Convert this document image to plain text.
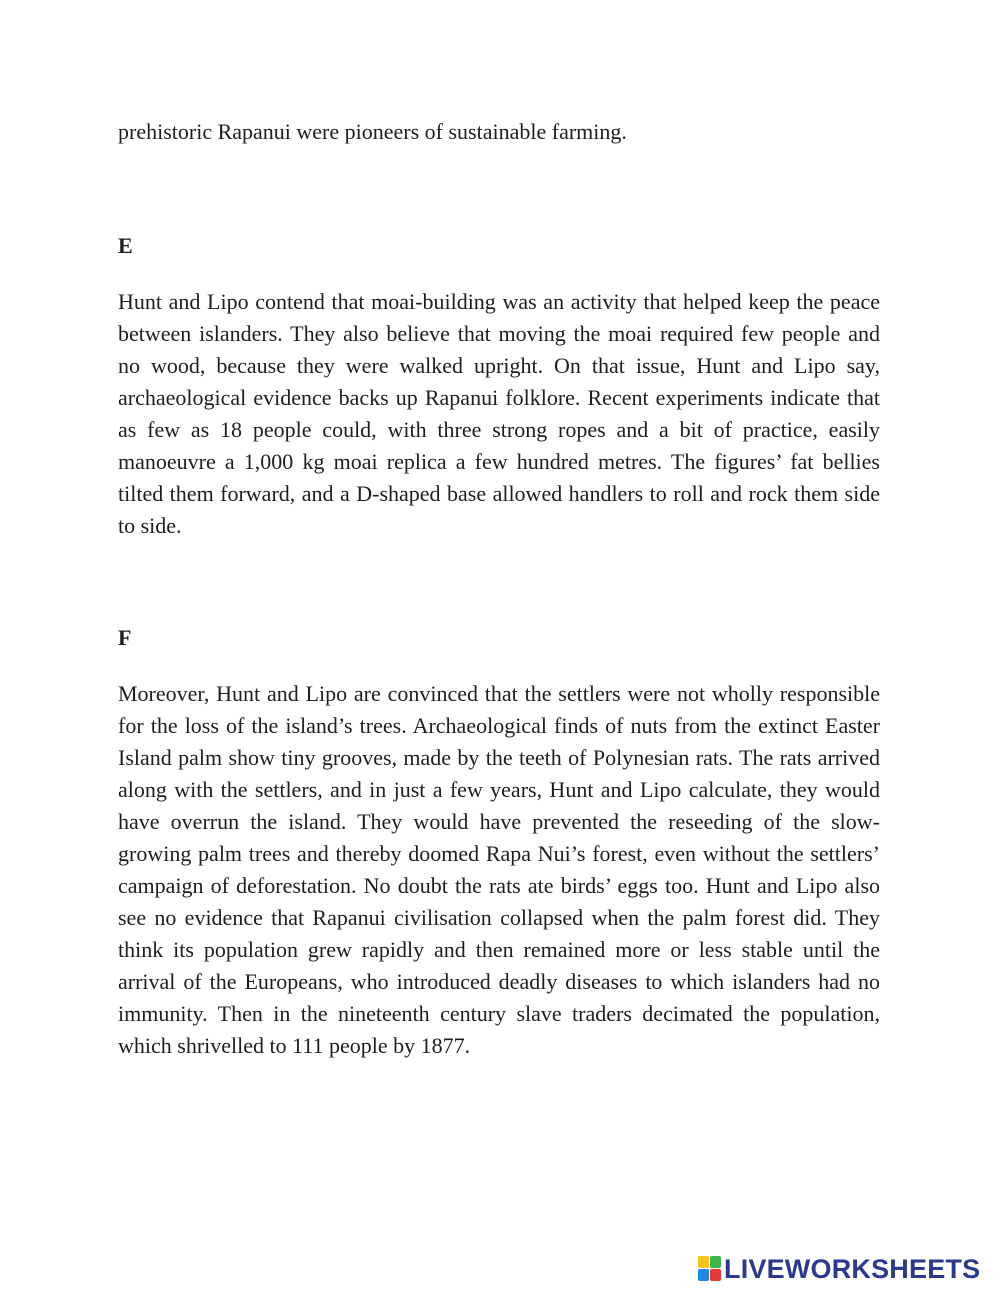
prehistoric Rapanui were pioneers of sustainable farming.

E

Hunt and Lipo contend that moai-building was an activity that helped keep the peace between islanders. They also believe that moving the moai required few people and no wood, because they were walked upright. On that issue, Hunt and Lipo say, archaeological evidence backs up Rapanui folklore. Recent experiments indicate that as few as 18 people could, with three strong ropes and a bit of practice, easily manoeuvre a 1,000 kg moai replica a few hundred metres. The figures’ fat bellies tilted them forward, and a D-shaped base allowed handlers to roll and rock them side to side.

F

Moreover, Hunt and Lipo are convinced that the settlers were not wholly responsible for the loss of the island’s trees. Archaeological finds of nuts from the extinct Easter Island palm show tiny grooves, made by the teeth of Polynesian rats. The rats arrived along with the settlers, and in just a few years, Hunt and Lipo calculate, they would have overrun the island. They would have prevented the reseeding of the slow-growing palm trees and thereby doomed Rapa Nui’s forest, even without the settlers’ campaign of deforestation. No doubt the rats ate birds’ eggs too. Hunt and Lipo also see no evidence that Rapanui civilisation collapsed when the palm forest did. They think its population grew rapidly and then remained more or less stable until the arrival of the Europeans, who introduced deadly diseases to which islanders had no immunity. Then in the nineteenth century slave traders decimated the population, which shrivelled to 111 people by 1877.

LIVEWORKSHEETS
